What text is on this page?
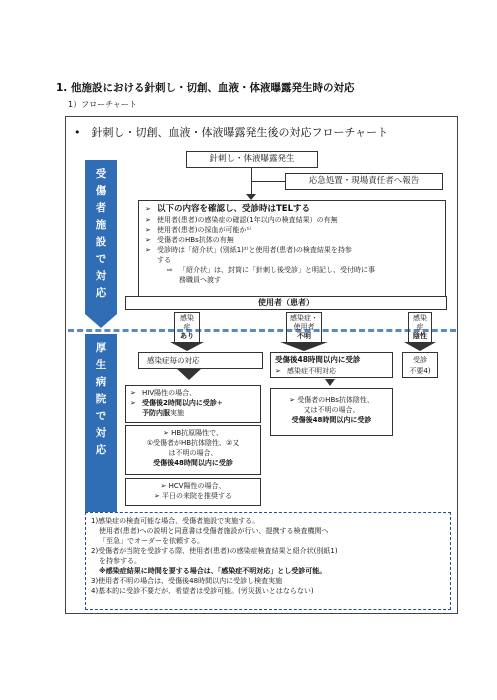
1. 他施設における針刺し・切創、血液・体液曝露発生時の対応
1）フローチャート
•　針刺し・切創、血液・体液曝露発生後の対応フローチャート
受
傷
者
施
設
で
対
応
厚
生
病
院
で
対
応
針刺し・体液曝露発生
応急処置・現場責任者へ報告
➢ 以下の内容を確認し、受診時はTELする
➢ 使用者(患者)の感染症の確認(1年以内の検査結果）の有無
➢ 使用者(患者)の採血が可能か¹⁾
➢ 受傷者のHBs抗体の有無
➢ 受診時は「紹介状」(別紙1)²⁾と使用者(患者)の検査結果を持参
する
⇨ 「紹介状」は、封筒に「針刺し後受診」と明記し、受付時に事
務職員へ渡す
使用者（患者）
感染
症
あり
感染症・
使用者
不明
感染
症
陰性
感染症毎の対応	受傷後48時間以内に受診
➢ 感染症不明対応
受診
不要4)
➢ HIV陽性の場合、
➢ 受傷後2時間以内に受診+
予防内服実施
➢ HB抗原陽性で、
①受傷者がHB抗体陰性、②又
は不明の場合、
受傷後48時間以内に受診
➢ HCV陽性の場合、
➢ 平日の来院を推奨する
➢ 受傷者のHBs抗体陰性、
又は不明の場合、
受傷後48時間以内に受診
1)感染症の検査可能な場合、受傷者施設で実施する。
使用者(患者)への説明と同意書は受傷者施設が行い、提携する検査機関へ
「至急」でオーダーを依頼する。
2)受傷者が当院を受診する際、使用者(患者)の感染症検査結果と紹介状(別紙1)
を持参する。
※感染症結果に時間を要する場合は、「感染症不明対応」とし受診可能。
3)使用者不明の場合は、受傷後48時間以内に受診し検査実施
4)基本的に受診不要だが、希望者は受診可能。(労災扱いとはならない)
